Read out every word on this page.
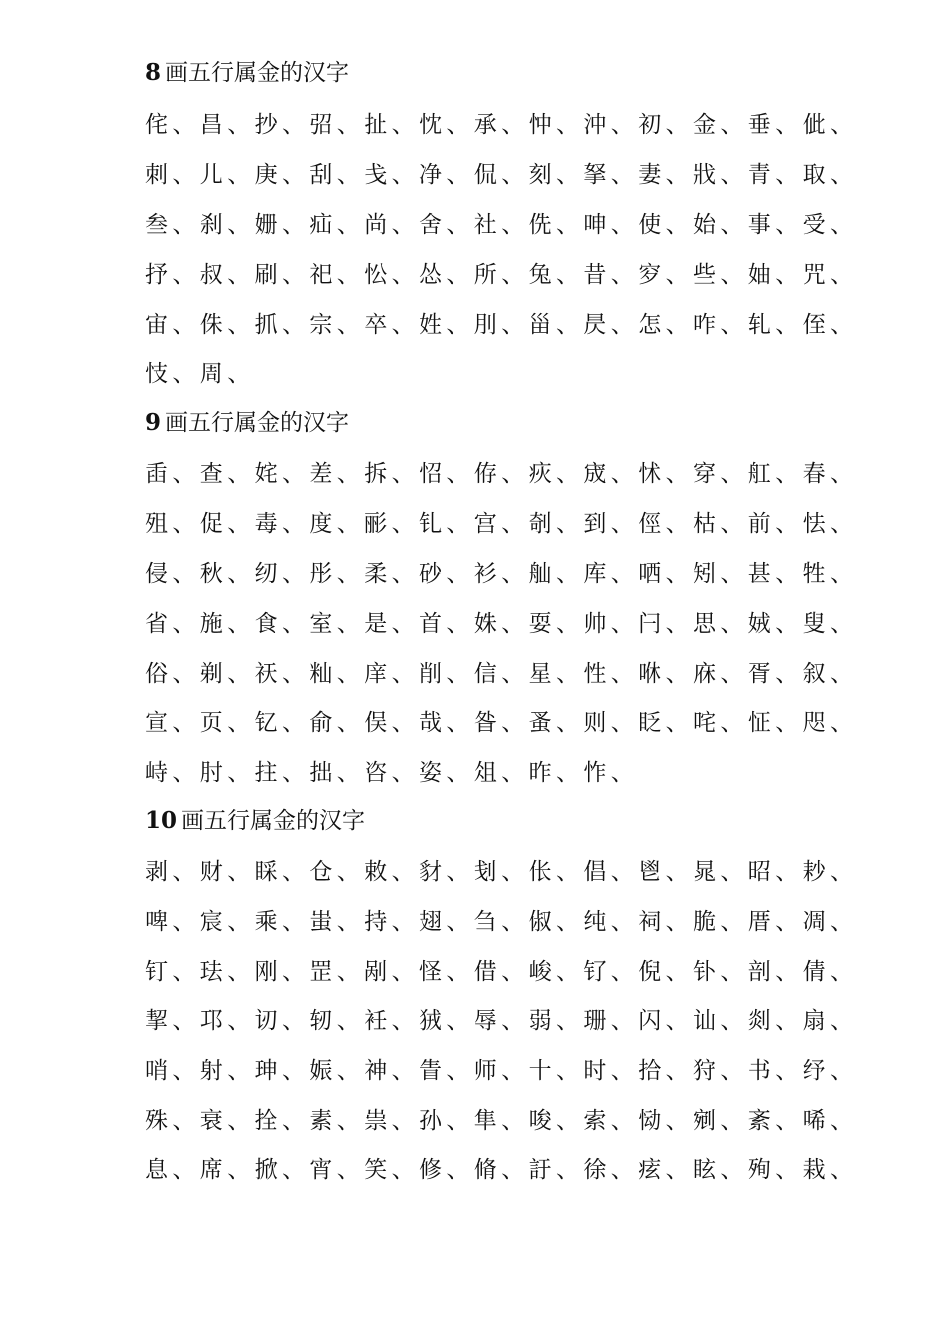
8 画五行属金的汉字
侘、昌、抄、弨、扯、忱、承、忡、沖、初、金、垂、佌、
刺、儿、庚、刮、戋、净、侃、刻、拏、妻、戕、青、取、
叁、刹、姗、疝、尚、舍、社、侁、呻、使、始、事、受、
抒、叔、刷、祀、忪、怂、所、兔、昔、穸、些、妯、咒、
宙、侏、抓、宗、卒、姓、刖、甾、昃、怎、咋、轧、侄、
忮、周、
9 画五行属金的汉字
臿、查、姹、差、拆、怊、侟、疢、宬、怵、穿、舡、春、
殂、促、毒、度、彨、钆、宫、剞、到、俓、枯、前、怯、
侵、秋、纫、彤、柔、砂、衫、舢、库、哂、矧、甚、牲、
省、施、食、室、是、首、姝、耍、帅、闩、思、娀、叟、
俗、剃、祆、籼、庠、削、信、星、性、咻、庥、胥、叙、
宣、页、钇、俞、俣、哉、昝、蚤、则、眨、咤、怔、咫、
峙、肘、拄、拙、咨、姿、俎、昨、怍、
10 画五行属金的汉字
剥、财、睬、仓、敕、豺、刬、伥、倡、鬯、晁、昭、耖、
啤、宸、乘、蚩、持、翅、刍、俶、纯、祠、脆、厝、凋、
钉、珐、刚、罡、剐、怪、借、峻、钌、倪、钋、剖、倩、
挈、邛、讱、轫、衽、狨、辱、弱、珊、闪、讪、剡、扇、
哨、射、珅、娠、神、眚、师、十、时、拾、狩、书、纾、
殊、衰、拴、素、祟、孙、隼、唆、索、恸、剜、紊、唏、
息、席、掀、宵、笑、修、脩、訏、徐、痃、眩、殉、栽、
